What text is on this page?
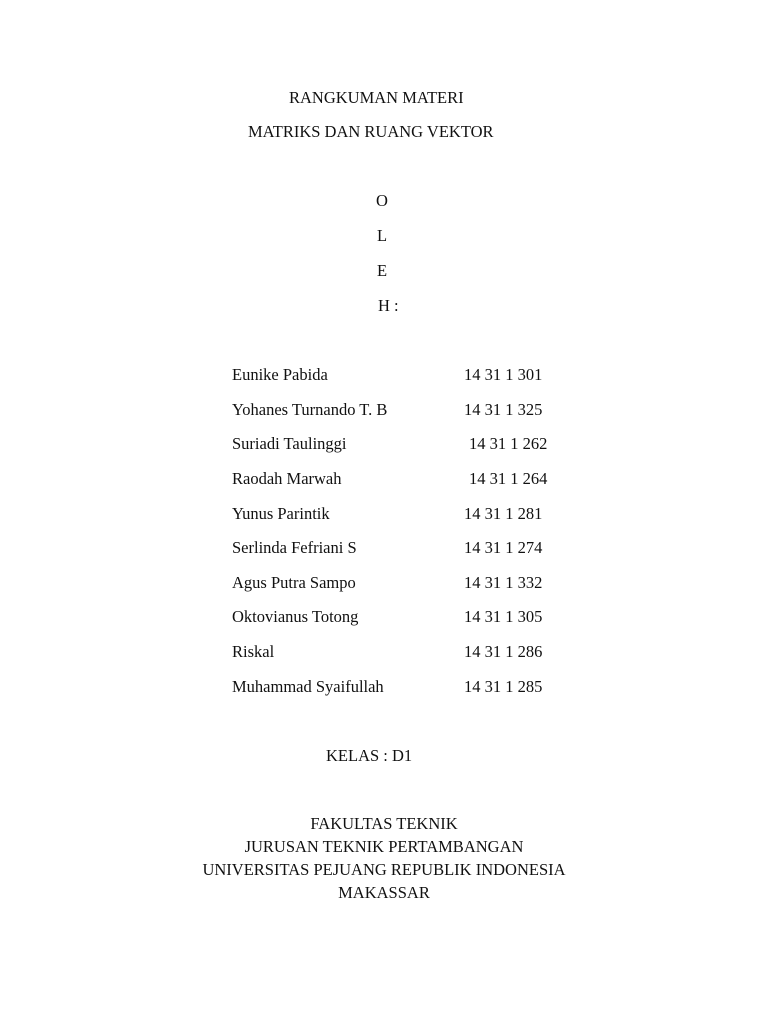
RANGKUMAN MATERI
MATRIKS DAN RUANG VEKTOR
O
L
E
H :
Eunike Pabida	14 31 1 301
Yohanes Turnando T. B	14 31 1 325
Suriadi Taulinggi	14 31 1 262
Raodah Marwah	14 31 1 264
Yunus Parintik	14 31 1 281
Serlinda Fefriani S	14 31 1 274
Agus Putra Sampo	14 31 1 332
Oktovianus Totong	14 31 1 305
Riskal	14 31 1 286
Muhammad Syaifullah	14 31 1 285
KELAS : D1
FAKULTAS TEKNIK
JURUSAN TEKNIK PERTAMBANGAN
UNIVERSITAS PEJUANG REPUBLIK INDONESIA
MAKASSAR
